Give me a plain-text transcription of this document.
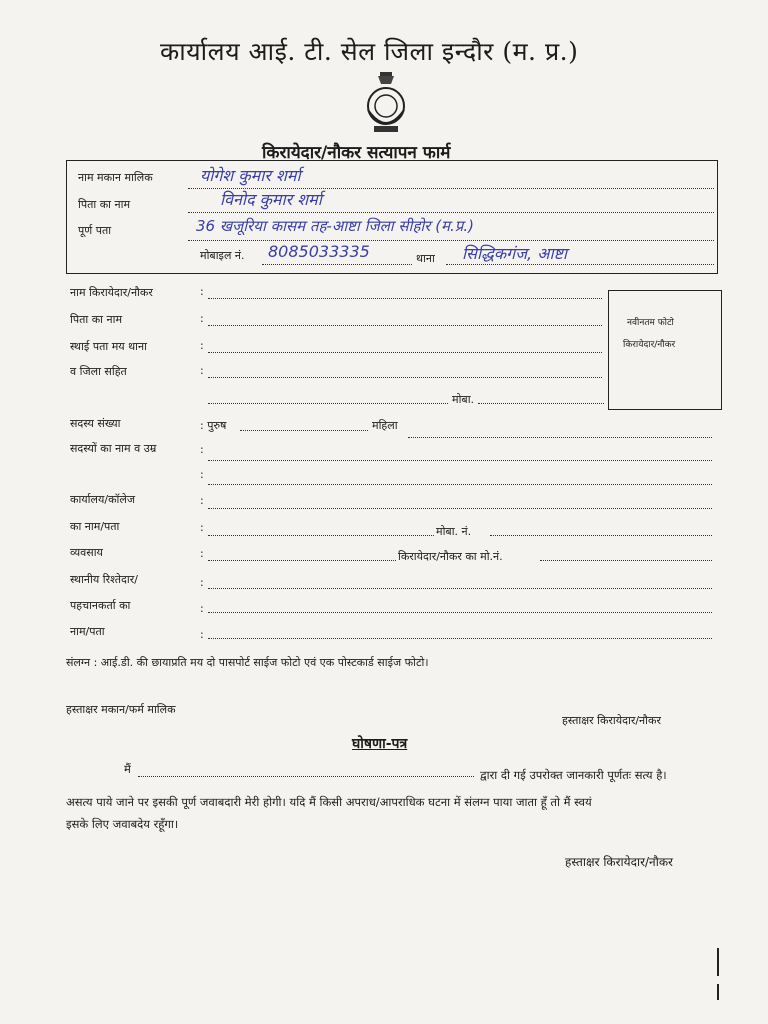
कार्यालय आई. टी. सेल जिला इन्दौर (म. प्र.)
किरायेदार/नौकर सत्यापन फार्म
नाम मकान मालिक	योगेश कुमार शर्मा
पिता का नाम	विनोद कुमार शर्मा
पूर्ण पता	36 खजूरिया कासम तह-आष्टा जिला सीहोर (म.प्र.)
मोबाइल नं. 8085033335	थाना सिद्धिकगंज, आष्टा
नाम किरायेदार/नौकर	:
पिता का नाम	:
स्थाई पता मय थाना	:
व जिला सहित	:
मोबा.
नवीनतम फोटो
किरायेदार/नौकर
सदस्य संख्या	: पुरुष	महिला
सदस्यों का नाम व उम्र	:
:
कार्यालय/कॉलेज	:
का नाम/पता	:	मोबा. नं.
व्यवसाय	:	किरायेदार/नौकर का मो.नं.
स्थानीय रिश्तेदार/	:
पहचानकर्ता का	:
नाम/पता	:
संलग्न : आई.डी. की छायाप्रति मय दो पासपोर्ट साईज फोटो एवं एक पोस्टकार्ड साईज फोटो।
हस्ताक्षर मकान/फर्म मालिक
हस्ताक्षर किरायेदार/नौकर
घोषणा-पत्र
मैं	द्वारा दी गई उपरोक्त जानकारी पूर्णतः सत्य है।
असत्य पाये जाने पर इसकी पूर्ण जवाबदारी मेरी होगी। यदि मैं किसी अपराध/आपराधिक घटना में संलग्न पाया जाता हूँ तो मैं स्वयं
इसके लिए जवाबदेय रहूँगा।
हस्ताक्षर किरायेदार/नौकर
